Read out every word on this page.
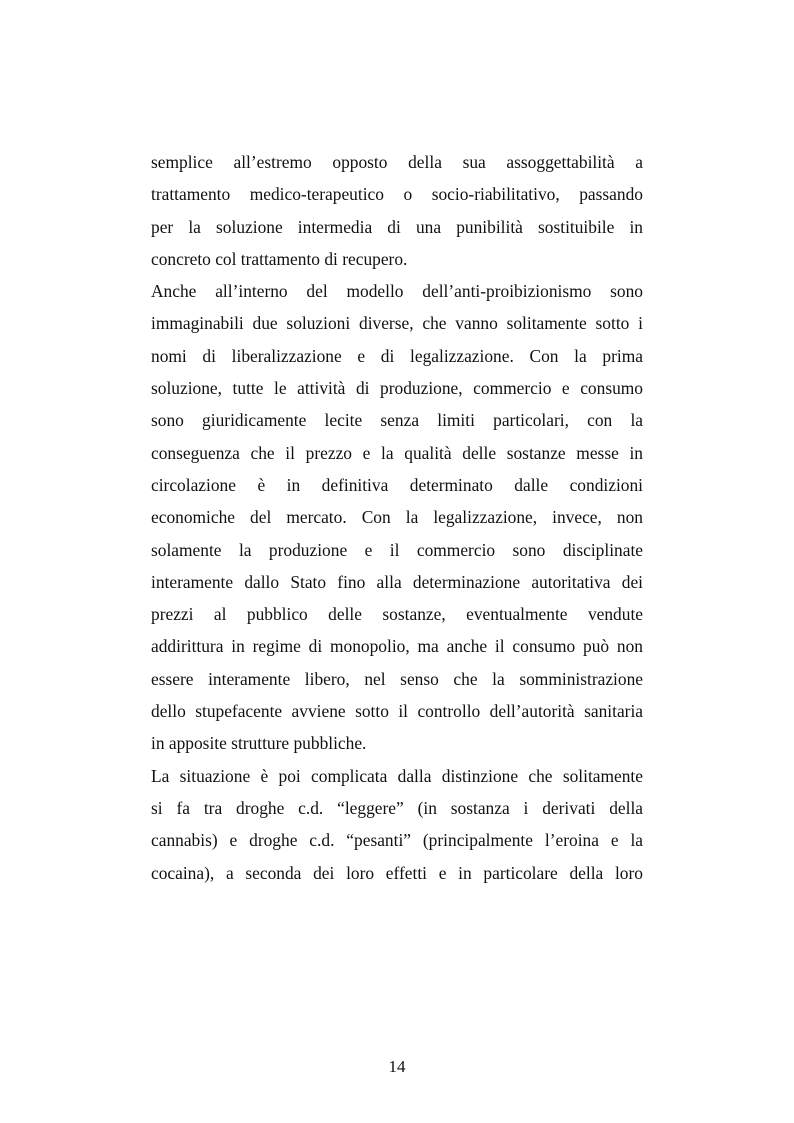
semplice all’estremo opposto della sua assoggettabilità a
trattamento medico-terapeutico o socio-riabilitativo, passando
per la soluzione intermedia di una punibilità sostituibile in
concreto col trattamento di recupero.
Anche all’interno del modello dell’anti-proibizionismo sono
immaginabili due soluzioni diverse, che vanno solitamente sotto i
nomi di liberalizzazione e di legalizzazione. Con la prima
soluzione, tutte le attività di produzione, commercio e consumo
sono giuridicamente lecite senza limiti particolari, con la
conseguenza che il prezzo e la qualità delle sostanze messe in
circolazione è in definitiva determinato dalle condizioni
economiche del mercato. Con la legalizzazione, invece, non
solamente la produzione e il commercio sono disciplinate
interamente dallo Stato fino alla determinazione autoritativa dei
prezzi al pubblico delle sostanze, eventualmente vendute
addirittura in regime di monopolio, ma anche il consumo può non
essere interamente libero, nel senso che la somministrazione
dello stupefacente avviene sotto il controllo dell’autorità sanitaria
in apposite strutture pubbliche.
La situazione è poi complicata dalla distinzione che solitamente
si fa tra droghe c.d. “leggere” (in sostanza i derivati della
cannabis) e droghe c.d. “pesanti” (principalmente l’eroina e la
cocaina), a seconda dei loro effetti e in particolare della loro
14
